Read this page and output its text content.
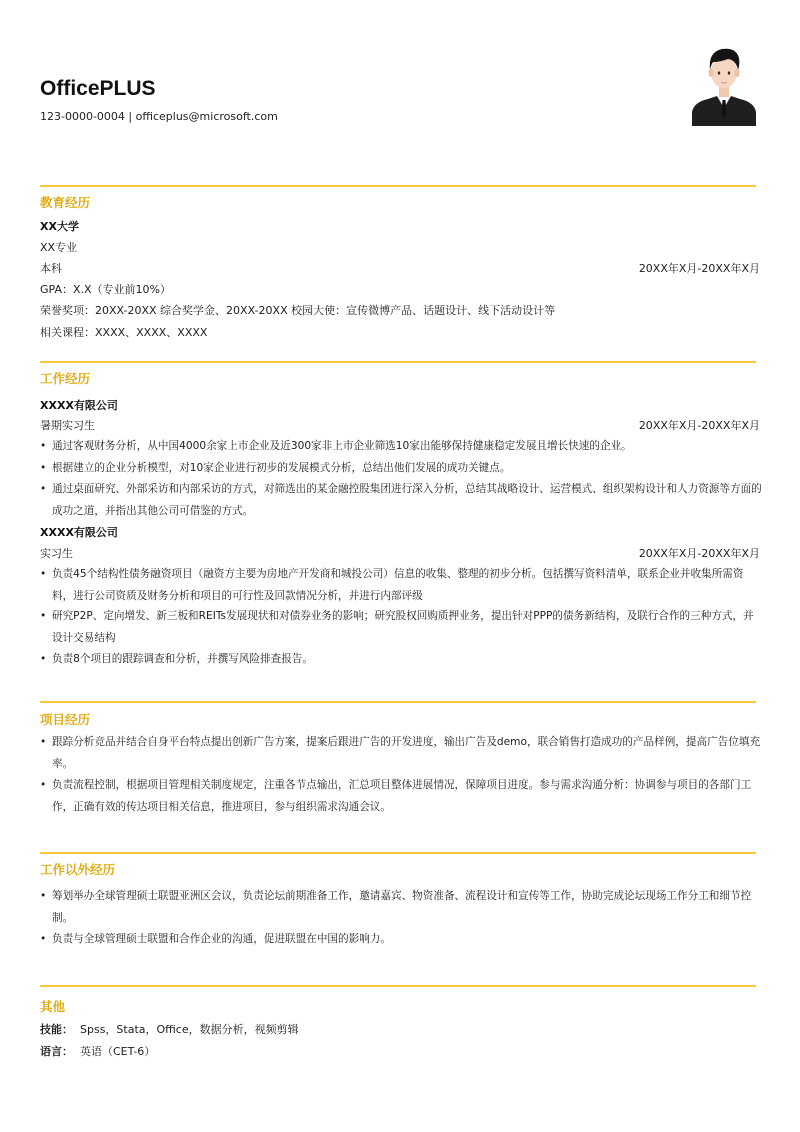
OfficePLUS
123-0000-0004 | officeplus@microsoft.com
教育经历
XX大学
XX专业
本科	20XX年X月-20XX年X月
GPA：X.X（专业前10%）
荣誉奖项：20XX-20XX 综合奖学金、20XX-20XX 校园大使：宣传微博产品、话题设计、线下活动设计等
相关课程：XXXX、XXXX、XXXX
工作经历
XXXX有限公司
暑期实习生	20XX年X月-20XX年X月
• 通过客观财务分析，从中国4000余家上市企业及近300家非上市企业筛选10家出能够保持健康稳定发展且增长快速的企业。
• 根据建立的企业分析模型，对10家企业进行初步的发展模式分析，总结出他们发展的成功关键点。
• 通过桌面研究、外部采访和内部采访的方式，对筛选出的某金融控股集团进行深入分析，总结其战略设计、运营模式、组织架构设计和人力资源等方面的成功之道，并指出其他公司可借鉴的方式。
XXXX有限公司
实习生	20XX年X月-20XX年X月
• 负责45个结构性债务融资项目（融资方主要为房地产开发商和城投公司）信息的收集、整理的初步分析。包括撰写资料清单，联系企业并收集所需资料，进行公司资质及财务分析和项目的可行性及回款情况分析，并进行内部评级
• 研究P2P、定向增发、新三板和REITs发展现状和对债券业务的影响；研究股权回购质押业务，提出针对PPP的债务新结构，及联行合作的三种方式，并设计交易结构
• 负责8个项目的跟踪调查和分析，并撰写风险排查报告。
项目经历
• 跟踪分析竞品并结合自身平台特点提出创新广告方案，提案后跟进广告的开发进度，输出广告及demo，联合销售打造成功的产品样例，提高广告位填充率。
• 负责流程控制，根据项目管理相关制度规定，注重各节点输出，汇总项目整体进展情况，保障项目进度。参与需求沟通分析：协调参与项目的各部门工作，正确有效的传达项目相关信息，推进项目，参与组织需求沟通会议。
工作以外经历
• 筹划举办全球管理硕士联盟亚洲区会议，负责论坛前期准备工作，邀请嘉宾、物资准备、流程设计和宣传等工作，协助完成论坛现场工作分工和细节控制。
• 负责与全球管理硕士联盟和合作企业的沟通，促进联盟在中国的影响力。
其他
技能： Spss，Stata，Office，数据分析，视频剪辑
语言： 英语（CET-6）
